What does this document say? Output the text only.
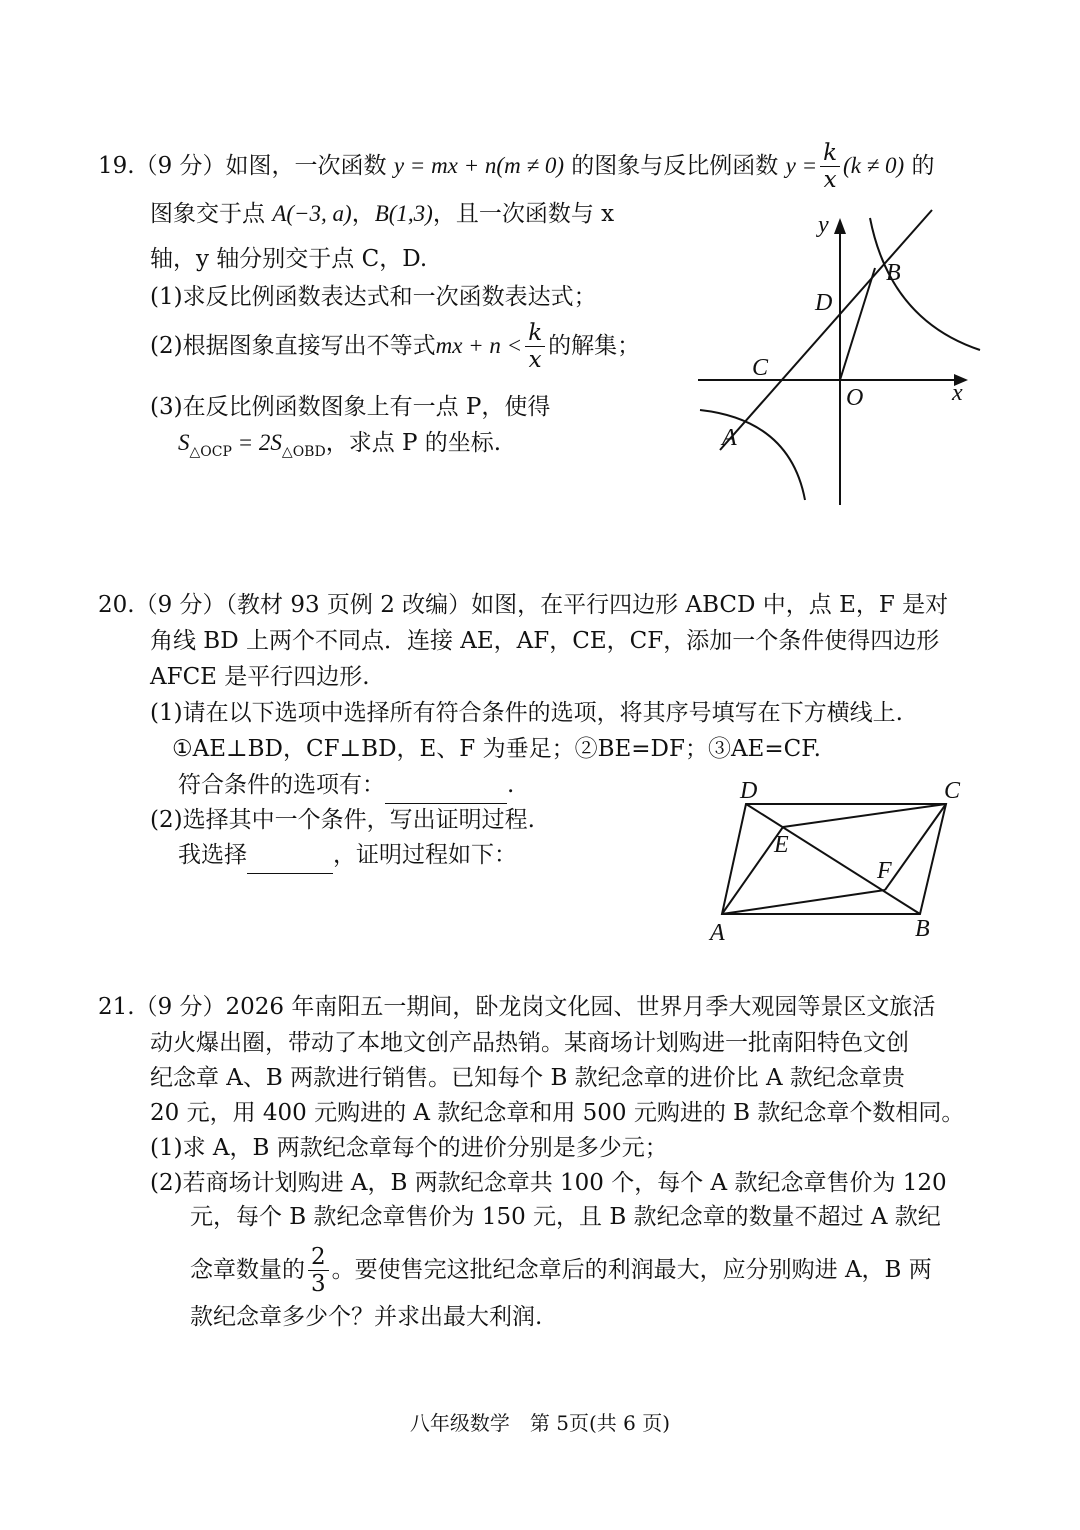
19.（9 分）如图，一次函数 y = mx + n(m ≠ 0) 的图象与反比例函数 $y = \frac{k}{x} (k \ne 0)$ 的
图象交于点 A(−3, a)，B(1,3)，且一次函数与 x
轴，y 轴分别交于点 C，D.
(1)求反比例函数表达式和一次函数表达式；
(2)根据图象直接写出不等式mx + $n < \frac{k}{x}$ 的解集；
(3)在反比例函数图象上有一点 P，使得
$S_{\triangle OCP} = 2S_{\triangle OBD}$，求点 P 的坐标.
y
x
B
D
C
O
A
20.（9 分）（教材 93 页例 2 改编）如图，在平行四边形 ABCD 中，点 E，F 是对
角线 BD 上两个不同点．连接 AE，AF，CE，CF，添加一个条件使得四边形
AFCE 是平行四边形.
(1)请在以下选项中选择所有符合条件的选项，将其序号填写在下方横线上.
①AE⊥BD，CF⊥BD，E、F 为垂足；②BE=DF；③AE=CF.
符合条件的选项有：	.
(2)选择其中一个条件，写出证明过程.
我选择	，证明过程如下：
D	C
E
F
A	B
21.（9 分）2026 年南阳五一期间，卧龙岗文化园、世界月季大观园等景区文旅活
动火爆出圈，带动了本地文创产品热销。某商场计划购进一批南阳特色文创
纪念章 A、B 两款进行销售。已知每个 B 款纪念章的进价比 A 款纪念章贵
20 元，用 400 元购进的 A 款纪念章和用 500 元购进的 B 款纪念章个数相同。
(1)求 A，B 两款纪念章每个的进价分别是多少元；
(2)若商场计划购进 A，B 两款纪念章共 100 个，每个 A 款纪念章售价为 120
元，每个 B 款纪念章售价为 150 元，且 B 款纪念章的数量不超过 A 款纪
念章数量的 $\frac{2}{3}$ 。要使售完这批纪念章后的利润最大，应分别购进 A，B 两
款纪念章多少个？并求出最大利润.
八年级数学　第 5页(共 6 页)
